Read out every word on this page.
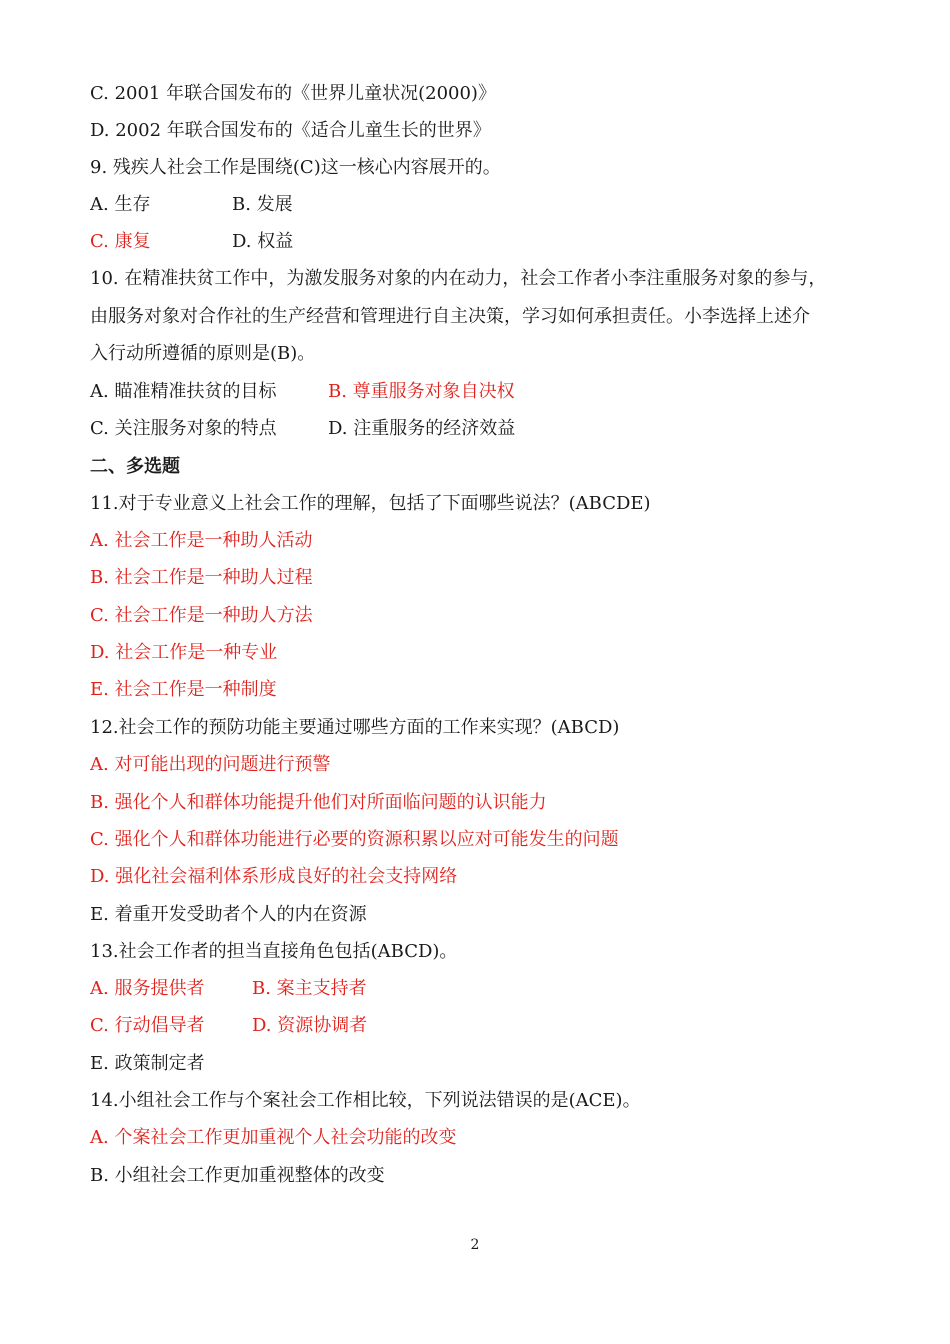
C. 2001 年联合国发布的《世界儿童状况(2000)》

D. 2002 年联合国发布的《适合儿童生长的世界》

9. 残疾人社会工作是围绕(C)这一核心内容展开的。

A. 生存	B. 发展
C. 康复	D. 权益

10. 在精准扶贫工作中，为激发服务对象的内在动力，社会工作者小李注重服务对象的参与，

由服务对象对合作社的生产经营和管理进行自主决策，学习如何承担责任。小李选择上述介

入行动所遵循的原则是(B)。

A. 瞄准精准扶贫的目标	B. 尊重服务对象自决权
C. 关注服务对象的特点	D. 注重服务的经济效益

二、多选题

11.对于专业意义上社会工作的理解，包括了下面哪些说法？(ABCDE)

A. 社会工作是一种助人活动

B. 社会工作是一种助人过程

C. 社会工作是一种助人方法

D. 社会工作是一种专业

E. 社会工作是一种制度

12.社会工作的预防功能主要通过哪些方面的工作来实现？(ABCD)

A. 对可能出现的问题进行预警

B. 强化个人和群体功能提升他们对所面临问题的认识能力

C. 强化个人和群体功能进行必要的资源积累以应对可能发生的问题

D. 强化社会福利体系形成良好的社会支持网络

E. 着重开发受助者个人的内在资源

13.社会工作者的担当直接角色包括(ABCD)。

A. 服务提供者	B. 案主支持者
C. 行动倡导者	D. 资源协调者

E. 政策制定者

14.小组社会工作与个案社会工作相比较，下列说法错误的是(ACE)。

A. 个案社会工作更加重视个人社会功能的改变

B. 小组社会工作更加重视整体的改变

2
